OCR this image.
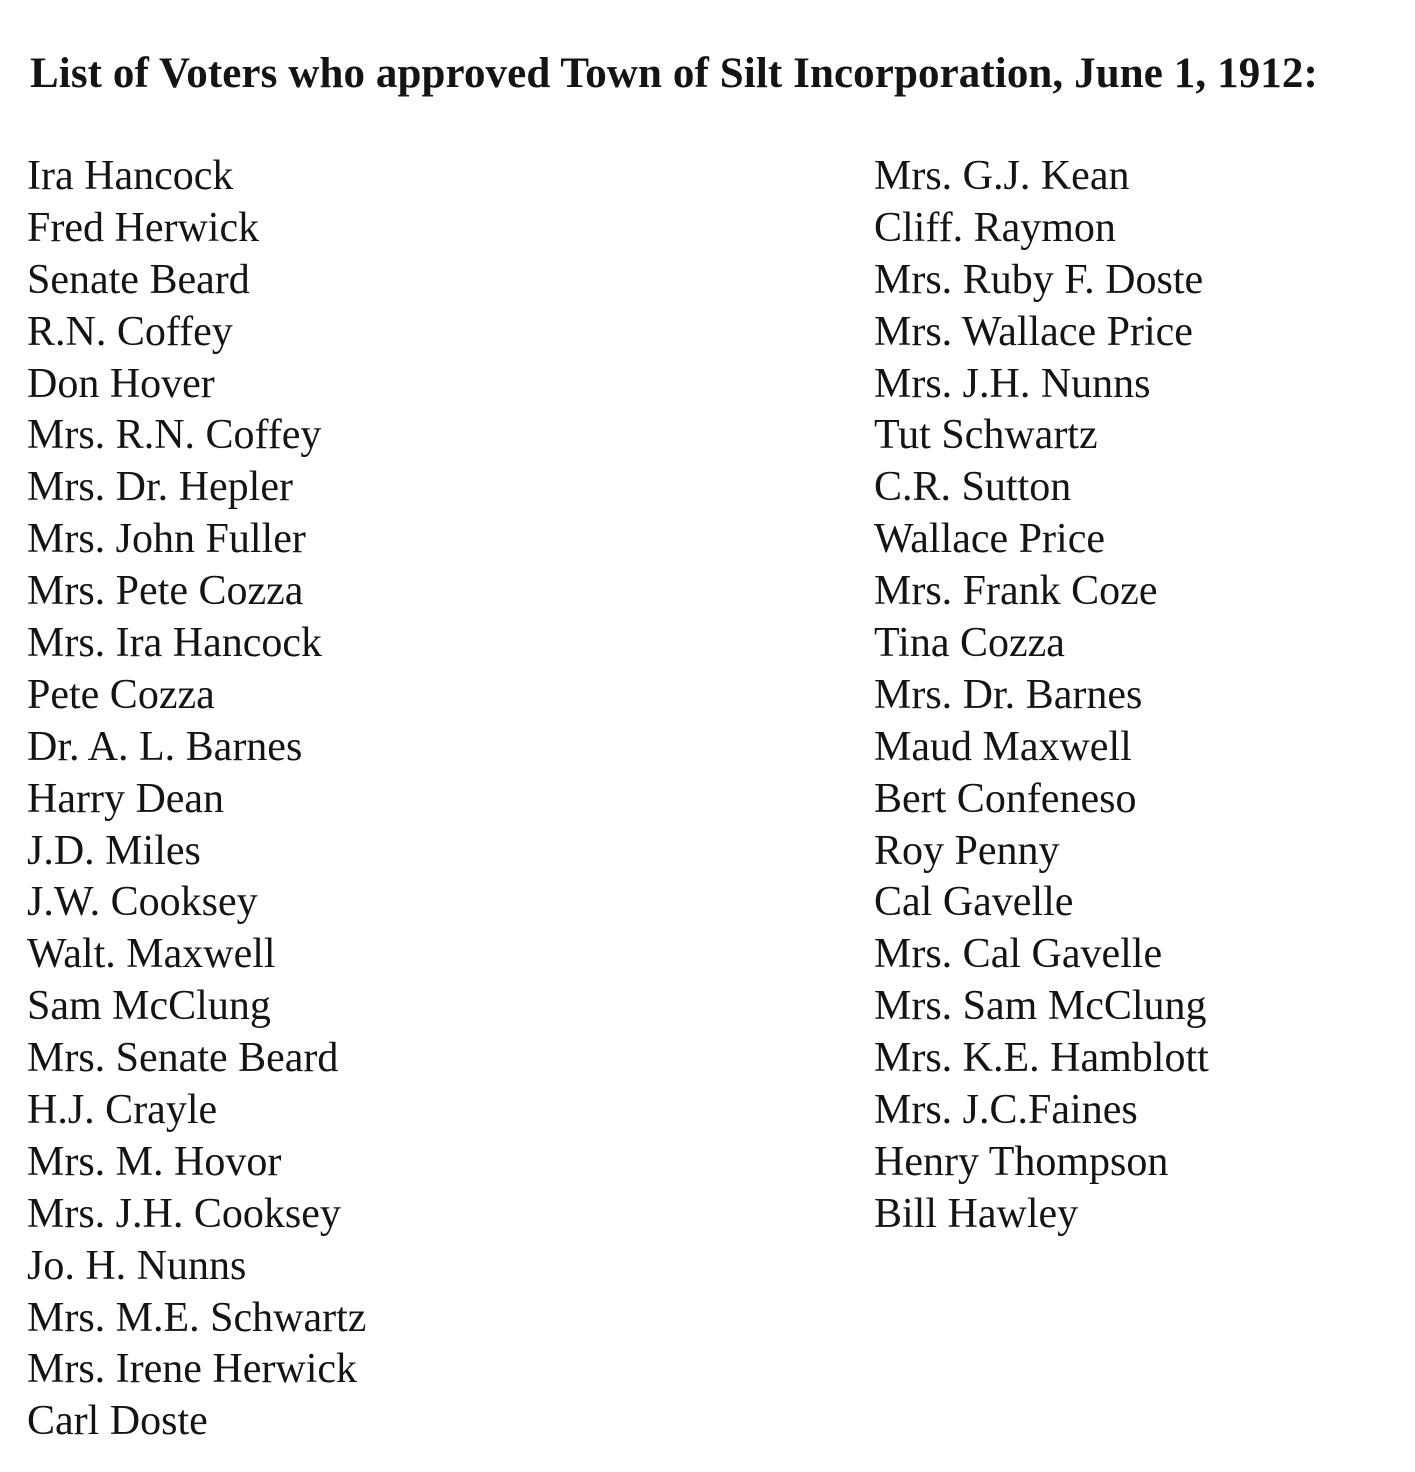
List of Voters who approved Town of Silt Incorporation, June 1, 1912:
Ira Hancock
Fred Herwick
Senate Beard
R.N. Coffey
Don Hover
Mrs. R.N. Coffey
Mrs. Dr. Hepler
Mrs. John Fuller
Mrs. Pete Cozza
Mrs. Ira Hancock
Pete Cozza
Dr. A. L. Barnes
Harry Dean
J.D. Miles
J.W. Cooksey
Walt. Maxwell
Sam McClung
Mrs. Senate Beard
H.J. Crayle
Mrs. M. Hovor
Mrs. J.H. Cooksey
Jo. H. Nunns
Mrs. M.E. Schwartz
Mrs. Irene Herwick
Carl Doste
Mrs. G.J. Kean
Cliff. Raymon
Mrs. Ruby F. Doste
Mrs. Wallace Price
Mrs. J.H. Nunns
Tut Schwartz
C.R. Sutton
Wallace Price
Mrs. Frank Coze
Tina Cozza
Mrs. Dr. Barnes
Maud Maxwell
Bert Confeneso
Roy Penny
Cal Gavelle
Mrs. Cal Gavelle
Mrs. Sam McClung
Mrs. K.E. Hamblott
Mrs. J.C.Faines
Henry Thompson
Bill Hawley
